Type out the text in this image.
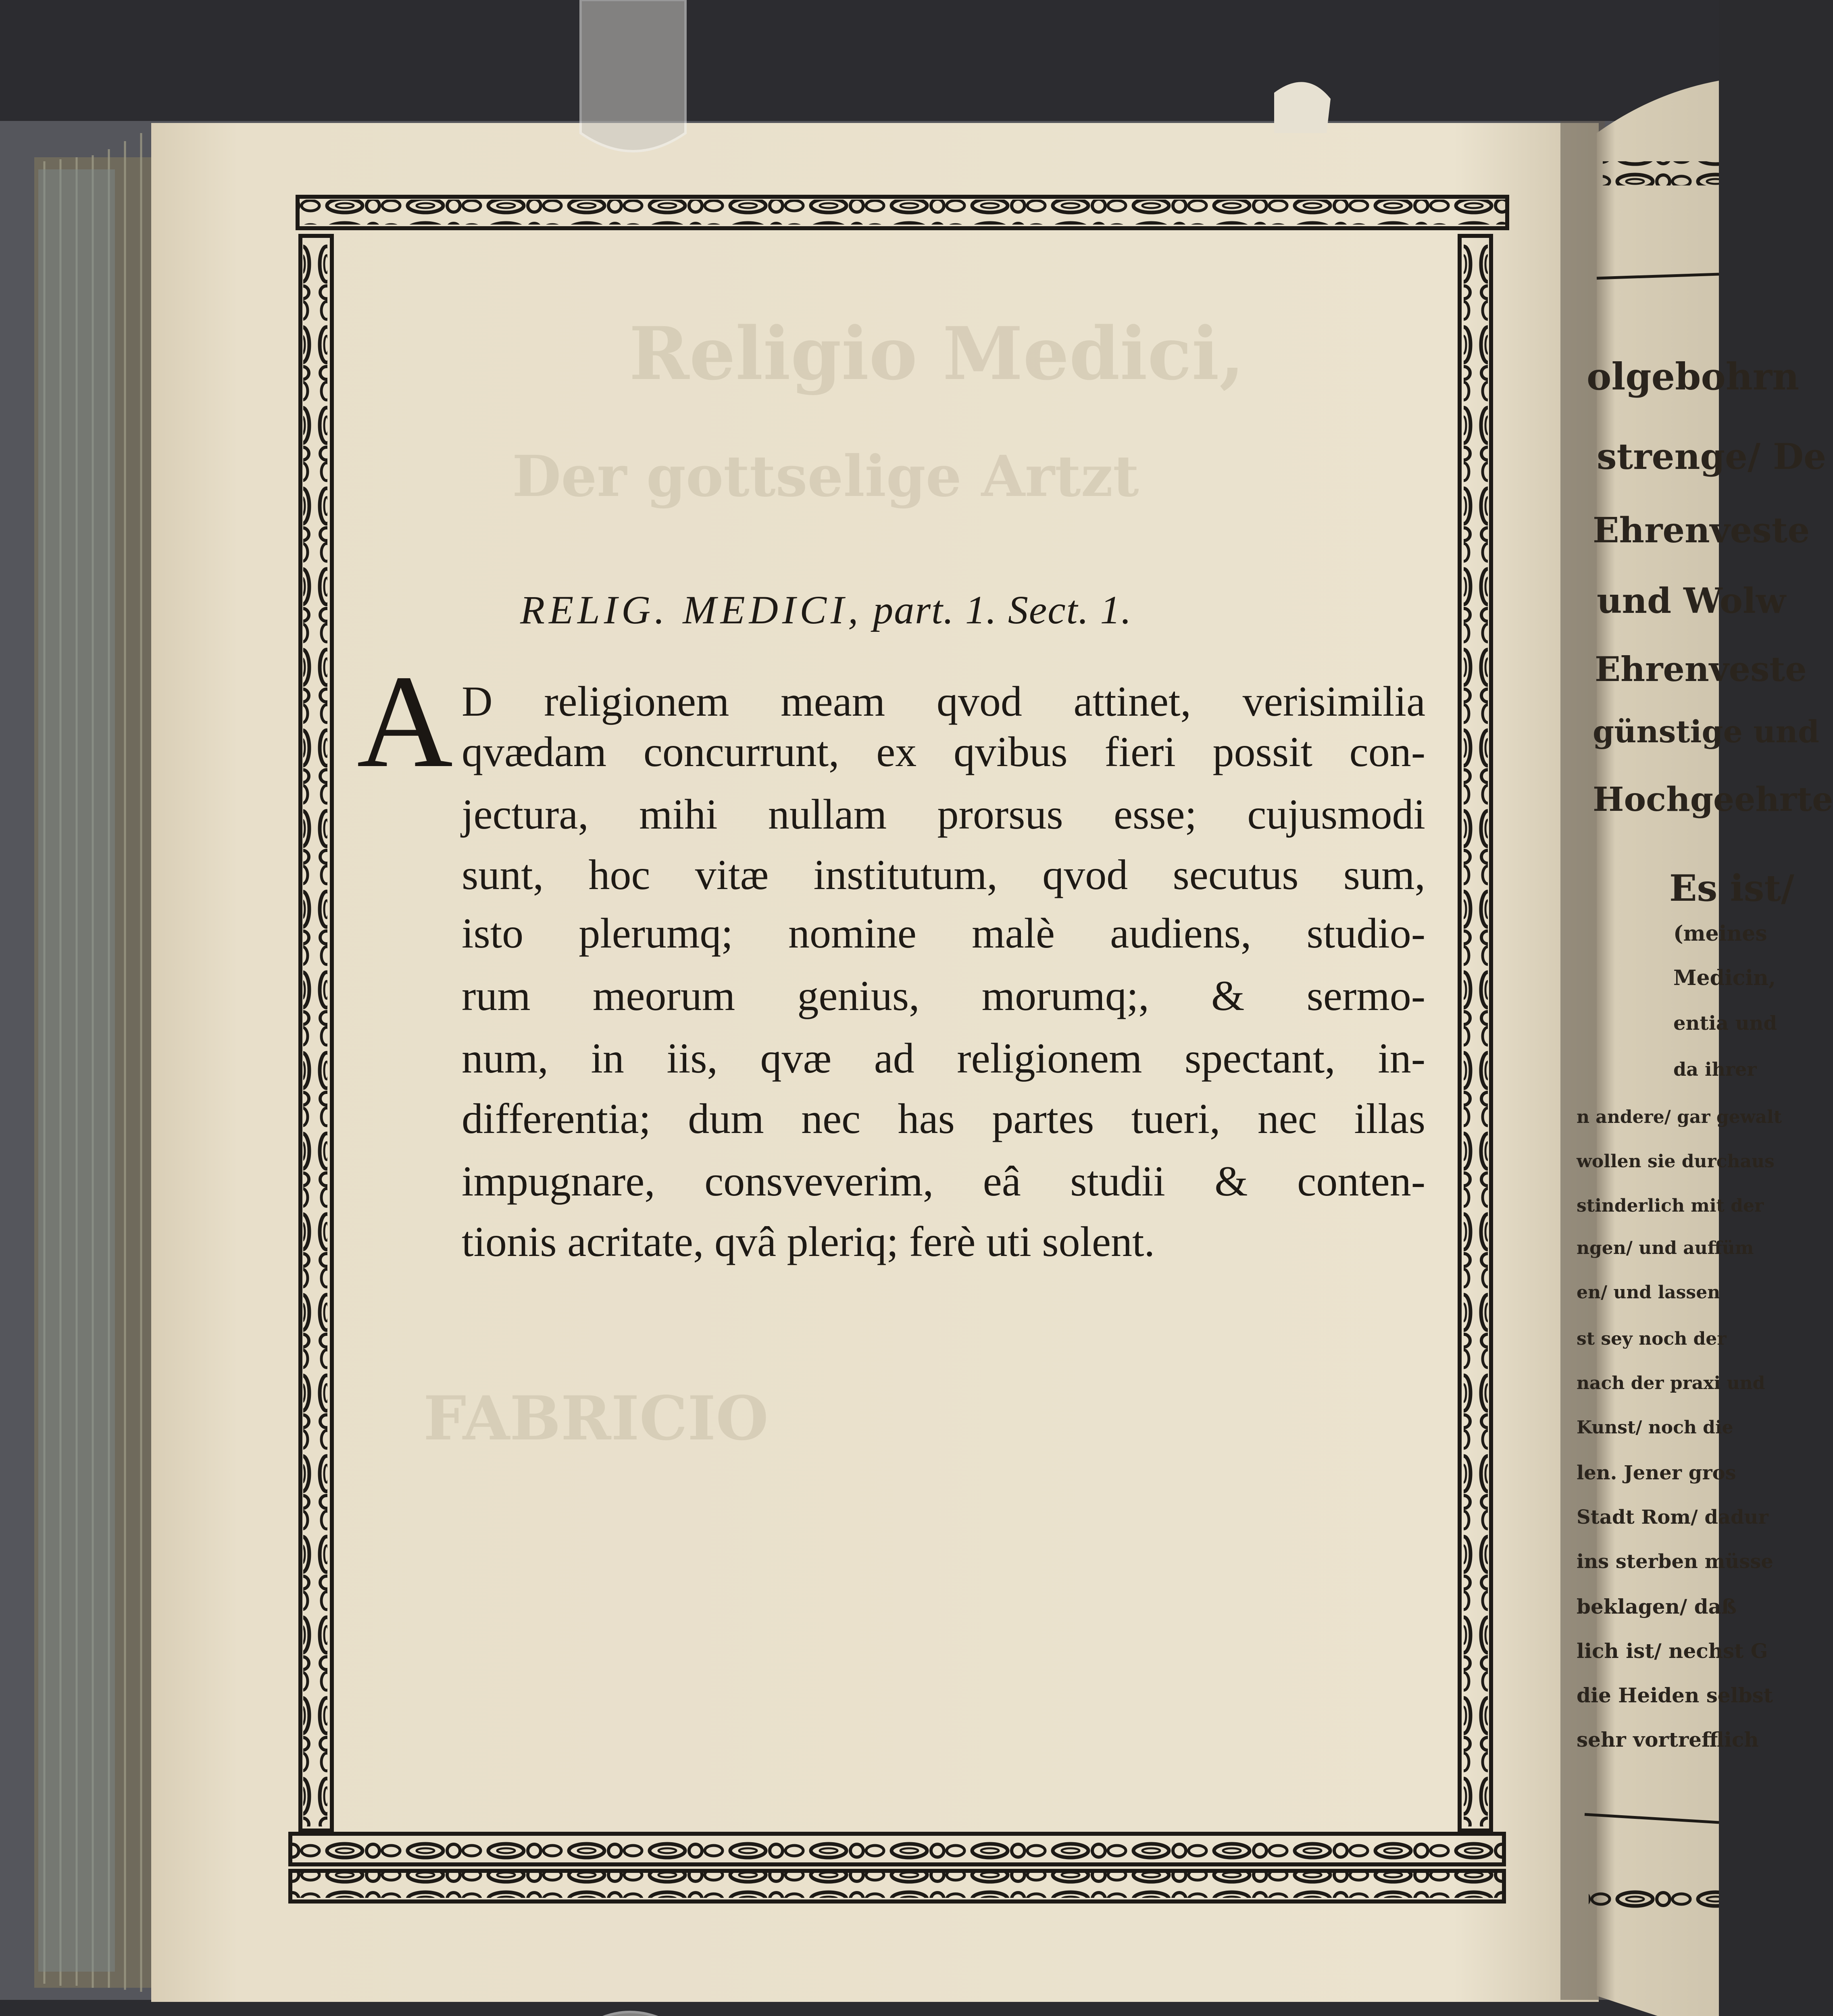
Religio Medici,
Der gottselige Artzt
FABRICIO
RELIG. MEDICI, part. 1. Sect. 1.
A D religionem meam qvod attinet, verisimilia
qvædam concurrunt, ex qvibus fieri possit con-
jectura, mihi nullam prorsus esse; cujusmodi
sunt, hoc vitæ institutum, qvod secutus sum,
isto plerumq; nomine malè audiens, studio-
rum meorum genius, morumq;, & sermo-
num, in iis, qvæ ad religionem spectant, in-
differentia; dum nec has partes tueri, nec illas
impugnare, consveverim, eâ studii & conten-
tionis acritate, qvâ pleriq; ferè uti solent.
olgebohrn
strenge/ De
Ehrenveste
und Wolw
Ehrenveste
günstige und
Hochgeehrte
Es ist/
(meines
Medicin,
entia und
da ihrer
n andere/ gar gewalt
wollen sie durchaus
stinderlich mit der
ngen/ und auffüm
en/ und lassen
st sey noch der
nach der praxi und
Kunst/ noch die
len. Jener gros
Stadt Rom/ dadur
ins sterben müsse
beklagen/ daß
lich ist/ nechst G
die Heiden selbst
sehr vortrefflich
